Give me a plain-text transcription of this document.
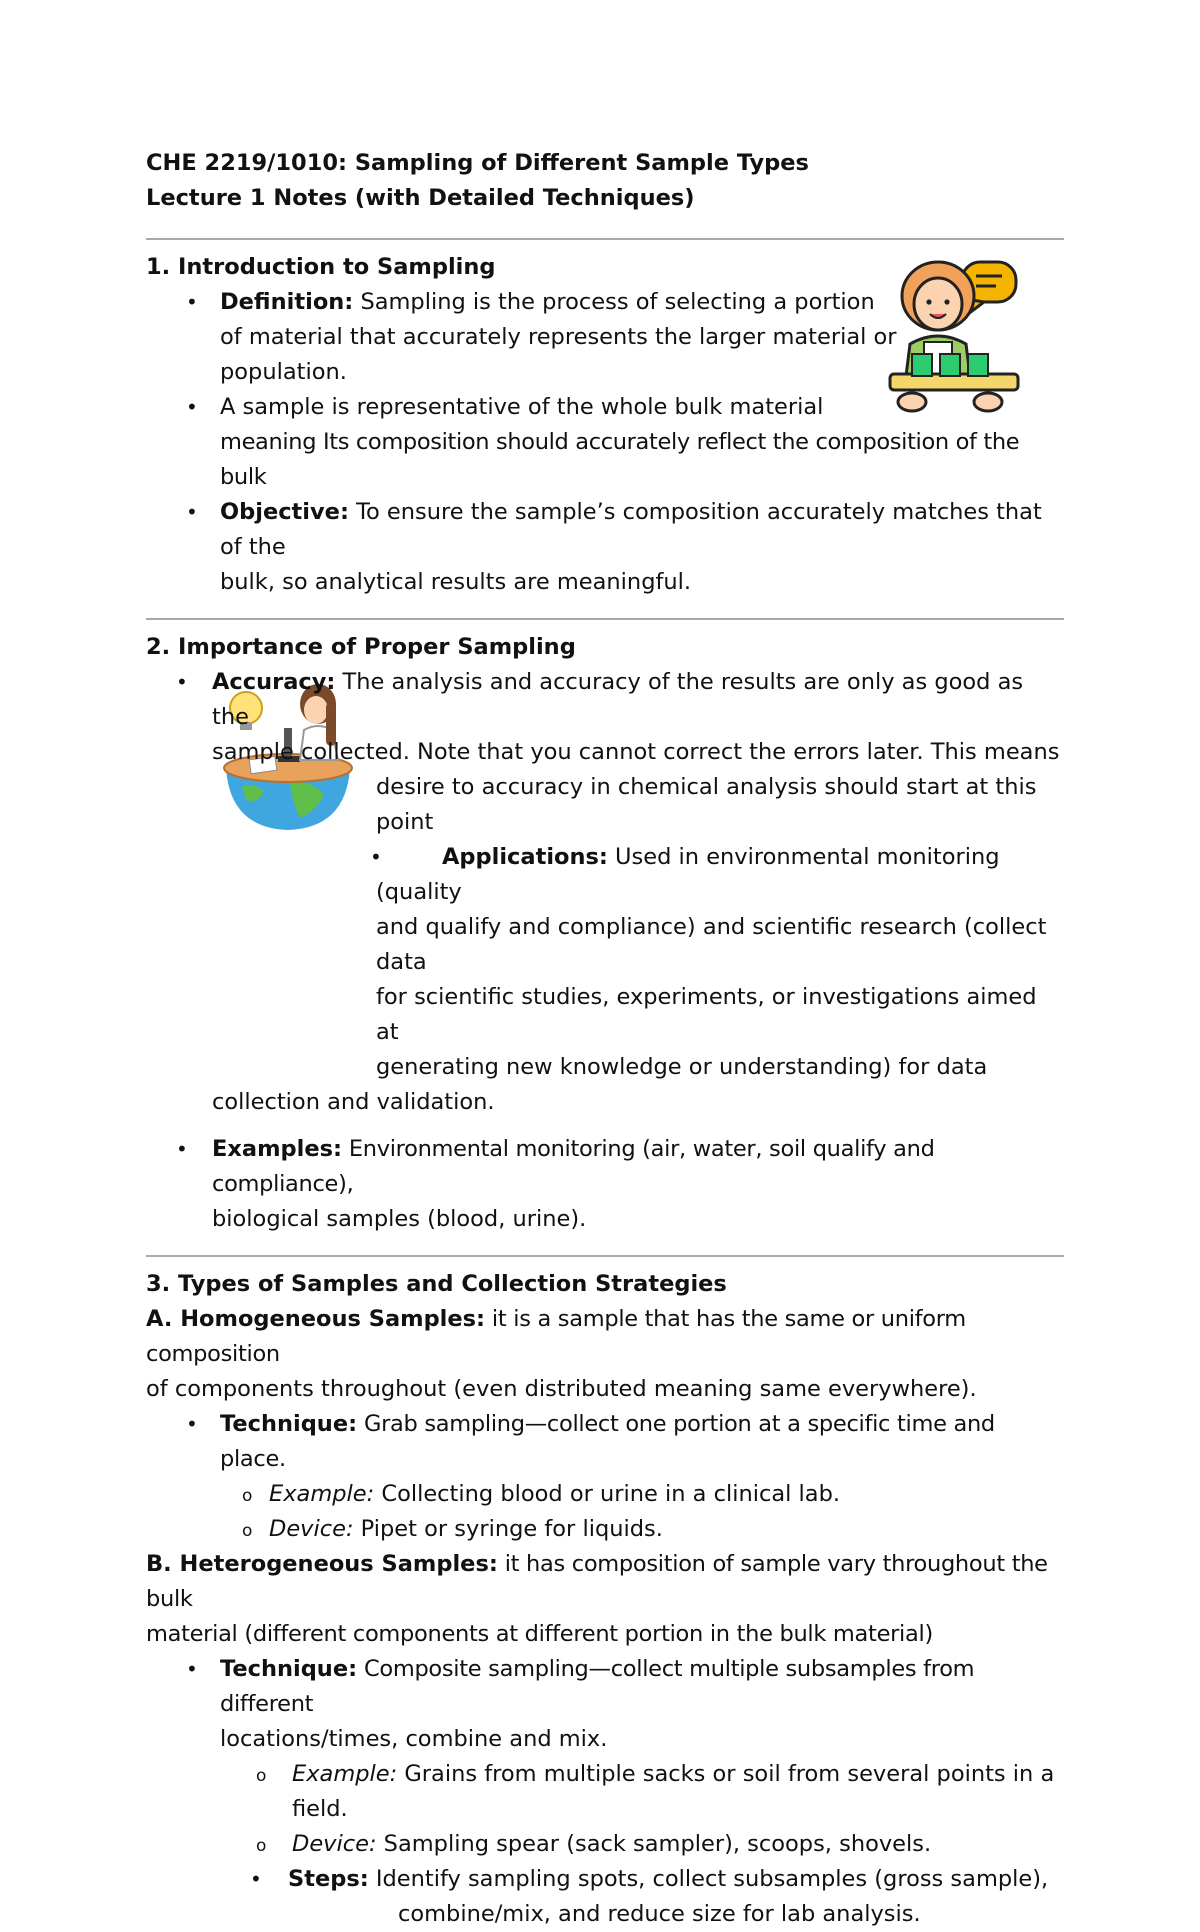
CHE 2219/1010: Sampling of Different Sample Types
Lecture 1 Notes (with Detailed Techniques)
1. Introduction to Sampling
• Definition: Sampling is the process of selecting a portion
of material that accurately represents the larger material or
population.
• A sample is representative of the whole bulk material
meaning Its composition should accurately reflect the composition of the bulk
• Objective: To ensure the sample’s composition accurately matches that of the
bulk, so analytical results are meaningful.
2. Importance of Proper Sampling
• Accuracy: The analysis and accuracy of the results are only as good as the
sample collected. Note that you cannot correct the errors later. This means

desire to accuracy in chemical analysis should start at this point

•	Applications: Used in environmental monitoring (quality
and qualify and compliance) and scientific research (collect data
for scientific studies, experiments, or investigations aimed at
generating new knowledge or understanding) for data
collection and validation.
• Examples: Environmental monitoring (air, water, soil qualify and compliance),
biological samples (blood, urine).
3. Types of Samples and Collection Strategies
A. Homogeneous Samples: it is a sample that has the same or uniform composition
of components throughout (even distributed meaning same everywhere).
• Technique: Grab sampling—collect one portion at a specific time and place.
o Example: Collecting blood or urine in a clinical lab.
o Device: Pipet or syringe for liquids.
B. Heterogeneous Samples: it has composition of sample vary throughout the bulk
material (different components at different portion in the bulk material)
• Technique: Composite sampling—collect multiple subsamples from different
locations/times, combine and mix.
o Example: Grains from multiple sacks or soil from several points in a
field.
o Device: Sampling spear (sack sampler), scoops, shovels.
• Steps: Identify sampling spots, collect subsamples (gross sample),
combine/mix, and reduce size for lab analysis.
